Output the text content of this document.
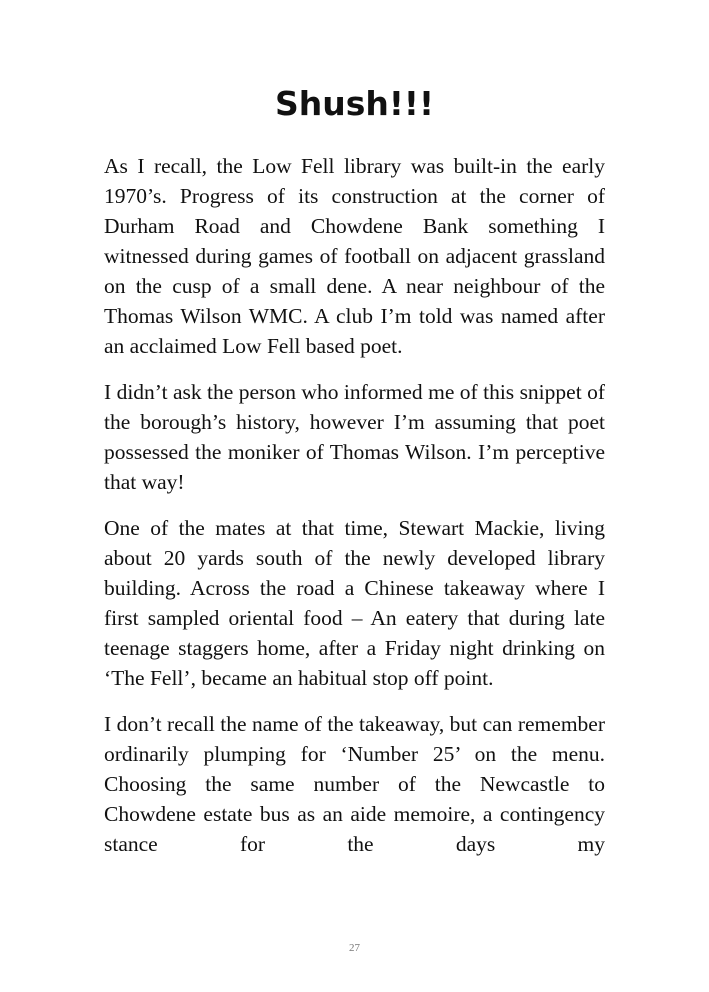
Shush!!!

As I recall, the Low Fell library was built-in the early 1970’s. Progress of its construction at the corner of Durham Road and Chowdene Bank something I witnessed during games of football on adjacent grassland on the cusp of a small dene. A near neighbour of the Thomas Wilson WMC. A club I’m told was named after an acclaimed Low Fell based poet.

I didn’t ask the person who informed me of this snippet of the borough’s history, however I’m assuming that poet possessed the moniker of Thomas Wilson. I’m perceptive that way!

One of the mates at that time, Stewart Mackie, living about 20 yards south of the newly developed library building. Across the road a Chinese takeaway where I first sampled oriental food – An eatery that during late teenage staggers home, after a Friday night drinking on ‘The Fell’, became an habitual stop off point.

I don’t recall the name of the takeaway, but can remember ordinarily plumping for ‘Number 25’ on the menu. Choosing the same number of the Newcastle to Chowdene estate bus as an aide memoire, a contingency stance for the days my

27
